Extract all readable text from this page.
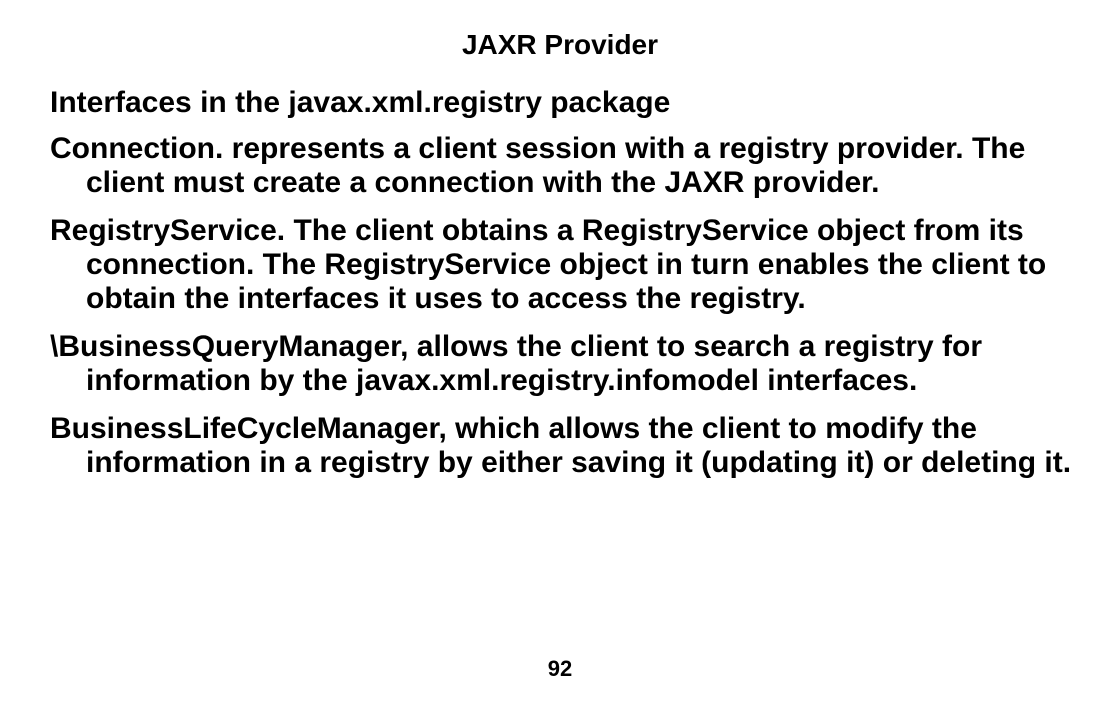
JAXR Provider
Interfaces in the javax.xml.registry package
Connection. represents a client session with a registry provider. The client must create a connection with the JAXR provider.
RegistryService. The client obtains a RegistryService object from its connection. The RegistryService object in turn enables the client to obtain the interfaces it uses to access the registry.
\BusinessQueryManager, allows the client to search a registry for information by the javax.xml.registry.infomodel interfaces.
BusinessLifeCycleManager, which allows the client to modify the information in a registry by either saving it (updating it) or deleting it.
92
